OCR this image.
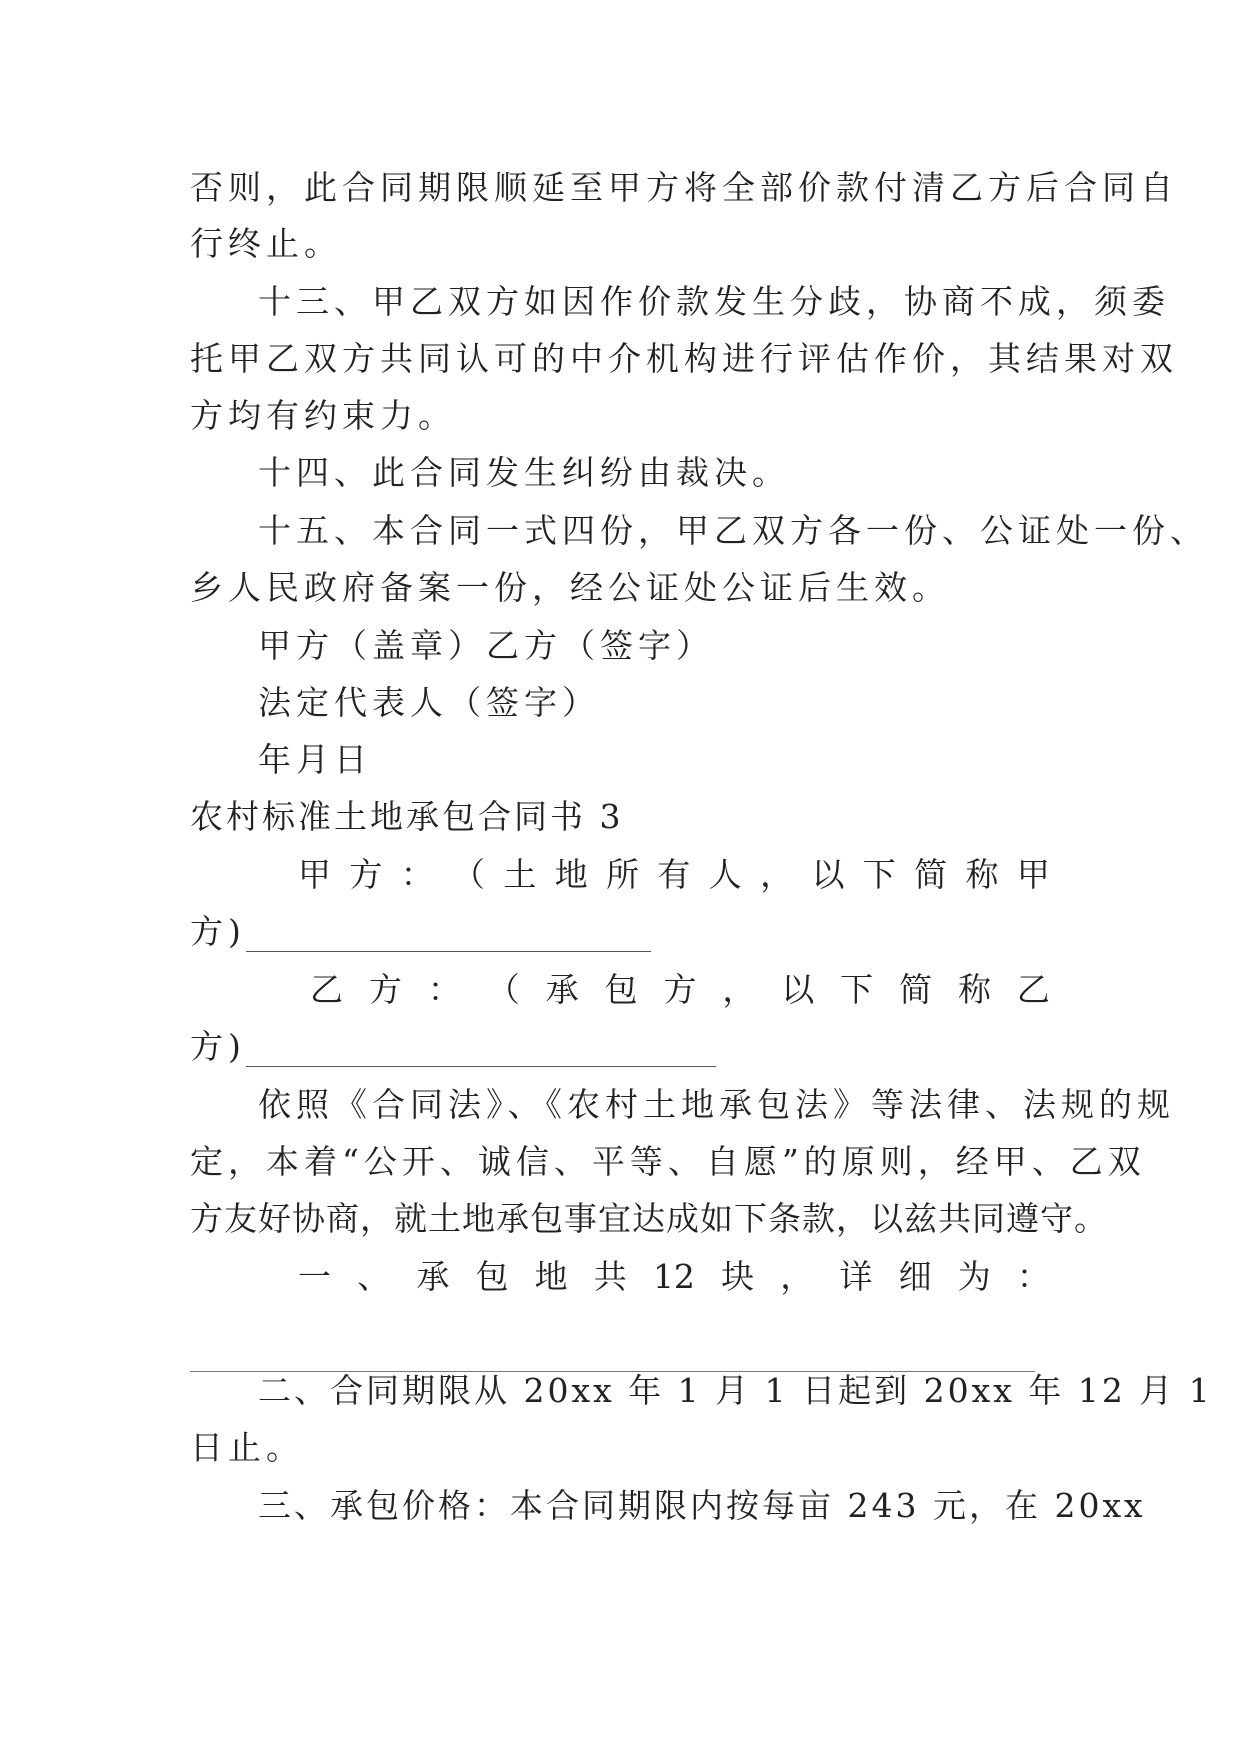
否则，此合同期限顺延至甲方将全部价款付清乙方后合同自
行终止。
十三、甲乙双方如因作价款发生分歧，协商不成，须委
托甲乙双方共同认可的中介机构进行评估作价，其结果对双
方均有约束力。
十四、此合同发生纠纷由裁决。
十五、本合同一式四份，甲乙双方各一份、公证处一份、
乡人民政府备案一份，经公证处公证后生效。
甲方（盖章）乙方（签字）
法定代表人（签字）
年月日
农村标准土地承包合同书 3
甲 方 ： （ 土 地 所 有 人 ， 以 下 简 称 甲
方)
乙 方 ： （ 承 包 方 ， 以 下 简 称 乙
方)
依照《合同法》、《农村土地承包法》等法律、法规的规
定，本着“公开、诚信、平等、自愿”的原则，经甲、乙双
方友好协商，就土地承包事宜达成如下条款，以兹共同遵守。
一 、 承 包 地 共 12 块 ， 详 细 为 ：
二、合同期限从 20xx 年 1 月 1 日起到 20xx 年 12 月 1
日止。
三、承包价格：本合同期限内按每亩 243 元，在 20xx
